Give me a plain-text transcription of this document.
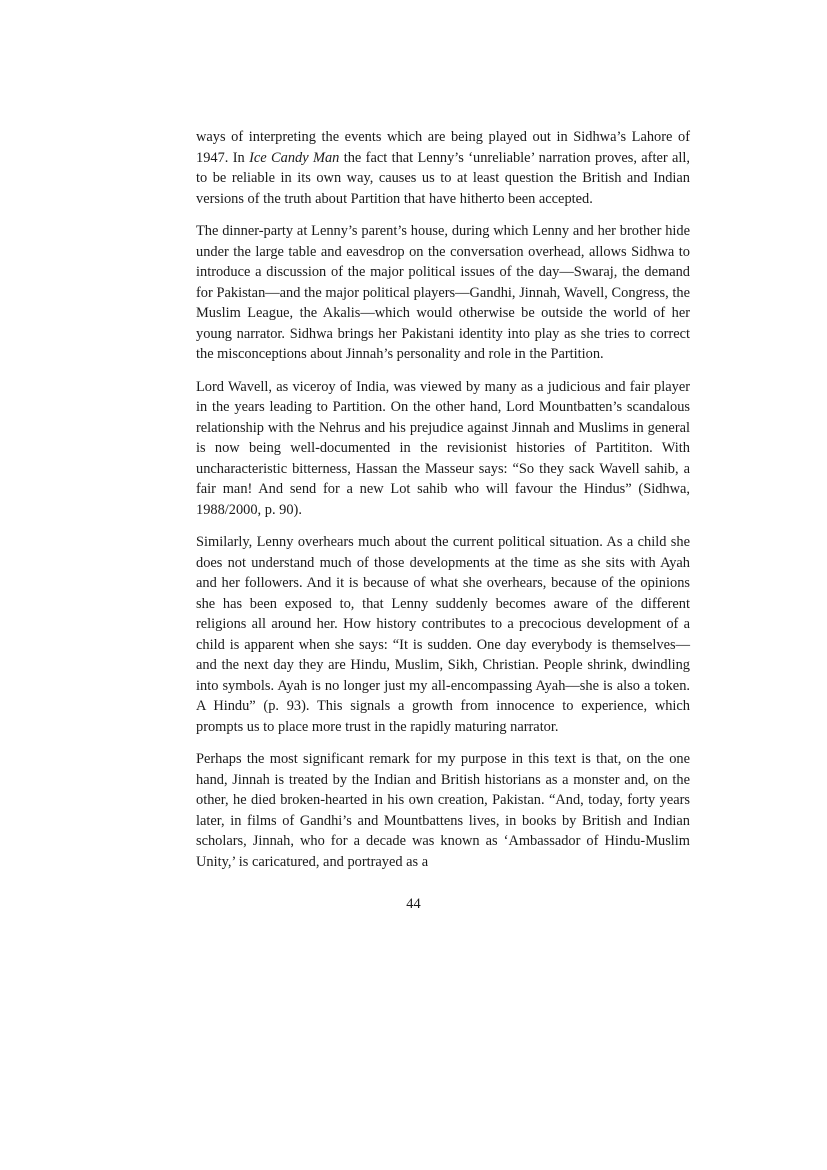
ways of interpreting the events which are being played out in Sidhwa’s Lahore of 1947. In Ice Candy Man the fact that Lenny’s ‘unreliable’ narration proves, after all, to be reliable in its own way, causes us to at least question the British and Indian versions of the truth about Partition that have hitherto been accepted.

The dinner-party at Lenny’s parent’s house, during which Lenny and her brother hide under the large table and eavesdrop on the conversation overhead, allows Sidhwa to introduce a discussion of the major political issues of the day—Swaraj, the demand for Pakistan—and the major political players—Gandhi, Jinnah, Wavell, Congress, the Muslim League, the Akalis—which would otherwise be outside the world of her young narrator. Sidhwa brings her Pakistani identity into play as she tries to correct the misconceptions about Jinnah’s personality and role in the Partition.

Lord Wavell, as viceroy of India, was viewed by many as a judicious and fair player in the years leading to Partition. On the other hand, Lord Mountbatten’s scandalous relationship with the Nehrus and his prejudice against Jinnah and Muslims in general is now being well-documented in the revisionist histories of Partititon. With uncharacteristic bitterness, Hassan the Masseur says: “So they sack Wavell sahib, a fair man! And send for a new Lot sahib who will favour the Hindus” (Sidhwa, 1988/2000, p. 90).

Similarly, Lenny overhears much about the current political situation. As a child she does not understand much of those developments at the time as she sits with Ayah and her followers. And it is because of what she overhears, because of the opinions she has been exposed to, that Lenny suddenly becomes aware of the different religions all around her. How history contributes to a precocious development of a child is apparent when she says: “It is sudden. One day everybody is themselves—and the next day they are Hindu, Muslim, Sikh, Christian. People shrink, dwindling into symbols. Ayah is no longer just my all-encompassing Ayah—she is also a token. A Hindu” (p. 93). This signals a growth from innocence to experience, which prompts us to place more trust in the rapidly maturing narrator.

Perhaps the most significant remark for my purpose in this text is that, on the one hand, Jinnah is treated by the Indian and British historians as a monster and, on the other, he died broken-hearted in his own creation, Pakistan. “And, today, forty years later, in films of Gandhi’s and Mountbattens lives, in books by British and Indian scholars, Jinnah, who for a decade was known as ‘Ambassador of Hindu-Muslim Unity,’ is caricatured, and portrayed as a

44
